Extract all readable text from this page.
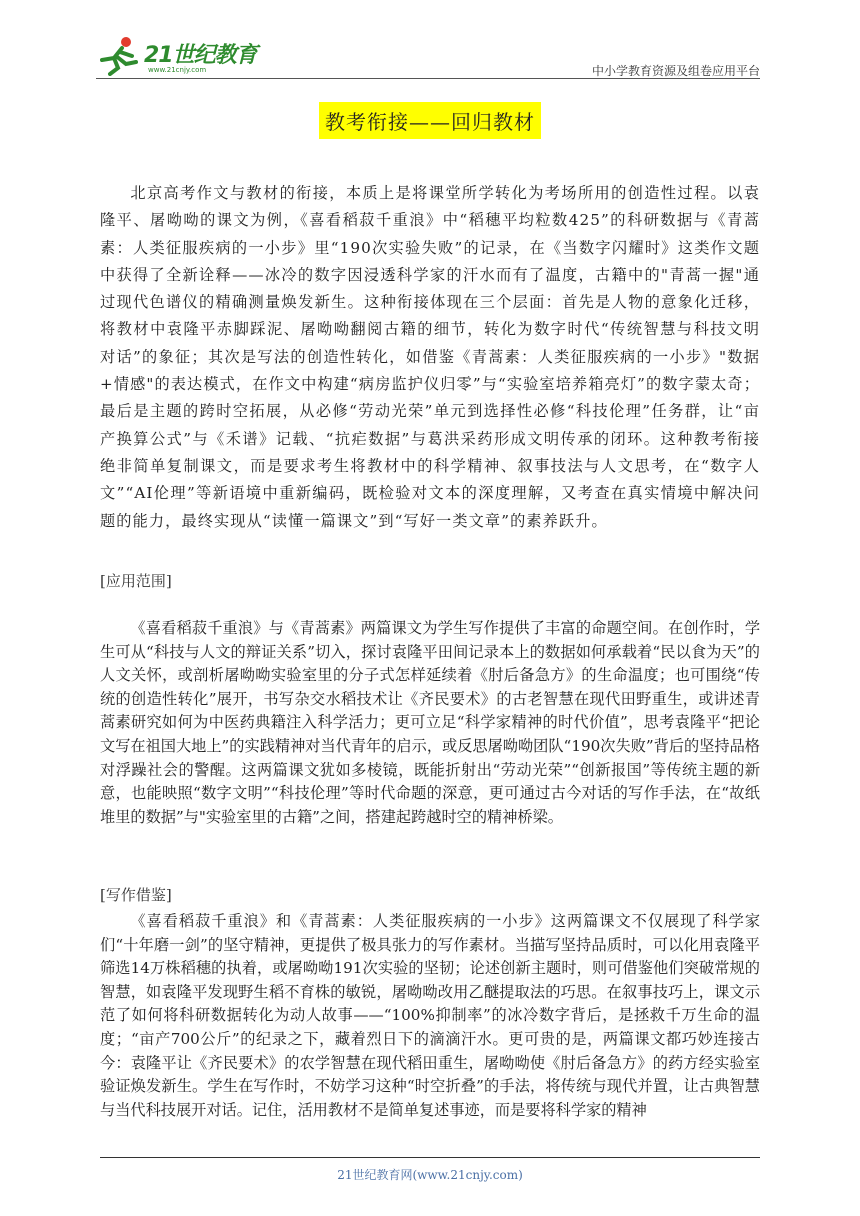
21世纪教育
www.21cnjy.com	中小学教育资源及组卷应用平台
教考衔接——回归教材

北京高考作文与教材的衔接，本质上是将课堂所学转化为考场所用的创造性过程。以袁隆平、屠呦呦的课文为例，《喜看稻菽千重浪》中“稻穗平均粒数425”的科研数据与《青蒿素：人类征服疾病的一小步》里“190次实验失败”的记录，在《当数字闪耀时》这类作文题中获得了全新诠释——冰冷的数字因浸透科学家的汗水而有了温度，古籍中的"青蒿一握"通过现代色谱仪的精确测量焕发新生。这种衔接体现在三个层面：首先是人物的意象化迁移，将教材中袁隆平赤脚踩泥、屠呦呦翻阅古籍的细节，转化为数字时代“传统智慧与科技文明对话”的象征；其次是写法的创造性转化，如借鉴《青蒿素：人类征服疾病的一小步》"数据+情感"的表达模式，在作文中构建“病房监护仪归零”与“实验室培养箱亮灯”的数字蒙太奇；最后是主题的跨时空拓展，从必修“劳动光荣”单元到选择性必修“科技伦理”任务群，让“亩产换算公式”与《禾谱》记载、“抗疟数据”与葛洪采药形成文明传承的闭环。这种教考衔接绝非简单复制课文，而是要求考生将教材中的科学精神、叙事技法与人文思考，在“数字人文”“AI伦理”等新语境中重新编码，既检验对文本的深度理解，又考查在真实情境中解决问题的能力，最终实现从“读懂一篇课文”到“写好一类文章”的素养跃升。

[应用范围]

《喜看稻菽千重浪》与《青蒿素》两篇课文为学生写作提供了丰富的命题空间。在创作时，学生可从“科技与人文的辩证关系”切入，探讨袁隆平田间记录本上的数据如何承载着“民以食为天”的人文关怀，或剖析屠呦呦实验室里的分子式怎样延续着《肘后备急方》的生命温度；也可围绕“传统的创造性转化”展开，书写杂交水稻技术让《齐民要术》的古老智慧在现代田野重生，或讲述青蒿素研究如何为中医药典籍注入科学活力；更可立足“科学家精神的时代价值”，思考袁隆平“把论文写在祖国大地上”的实践精神对当代青年的启示，或反思屠呦呦团队“190次失败”背后的坚持品格对浮躁社会的警醒。这两篇课文犹如多棱镜，既能折射出“劳动光荣”“创新报国”等传统主题的新意，也能映照“数字文明”“科技伦理”等时代命题的深意，更可通过古今对话的写作手法，在“故纸堆里的数据”与"实验室里的古籍”之间，搭建起跨越时空的精神桥梁。

[写作借鉴]

《喜看稻菽千重浪》和《青蒿素：人类征服疾病的一小步》这两篇课文不仅展现了科学家们“十年磨一剑”的坚守精神，更提供了极具张力的写作素材。当描写坚持品质时，可以化用袁隆平筛选14万株稻穗的执着，或屠呦呦191次实验的坚韧；论述创新主题时，则可借鉴他们突破常规的智慧，如袁隆平发现野生稻不育株的敏锐，屠呦呦改用乙醚提取法的巧思。在叙事技巧上，课文示范了如何将科研数据转化为动人故事——“100%抑制率”的冰冷数字背后，是拯救千万生命的温度；“亩产700公斤”的纪录之下，藏着烈日下的滴滴汗水。更可贵的是，两篇课文都巧妙连接古今：袁隆平让《齐民要术》的农学智慧在现代稻田重生，屠呦呦使《肘后备急方》的药方经实验室验证焕发新生。学生在写作时，不妨学习这种“时空折叠”的手法，将传统与现代并置，让古典智慧与当代科技展开对话。记住，活用教材不是简单复述事迹，而是要将科学家的精神

21世纪教育网(www.21cnjy.com)
